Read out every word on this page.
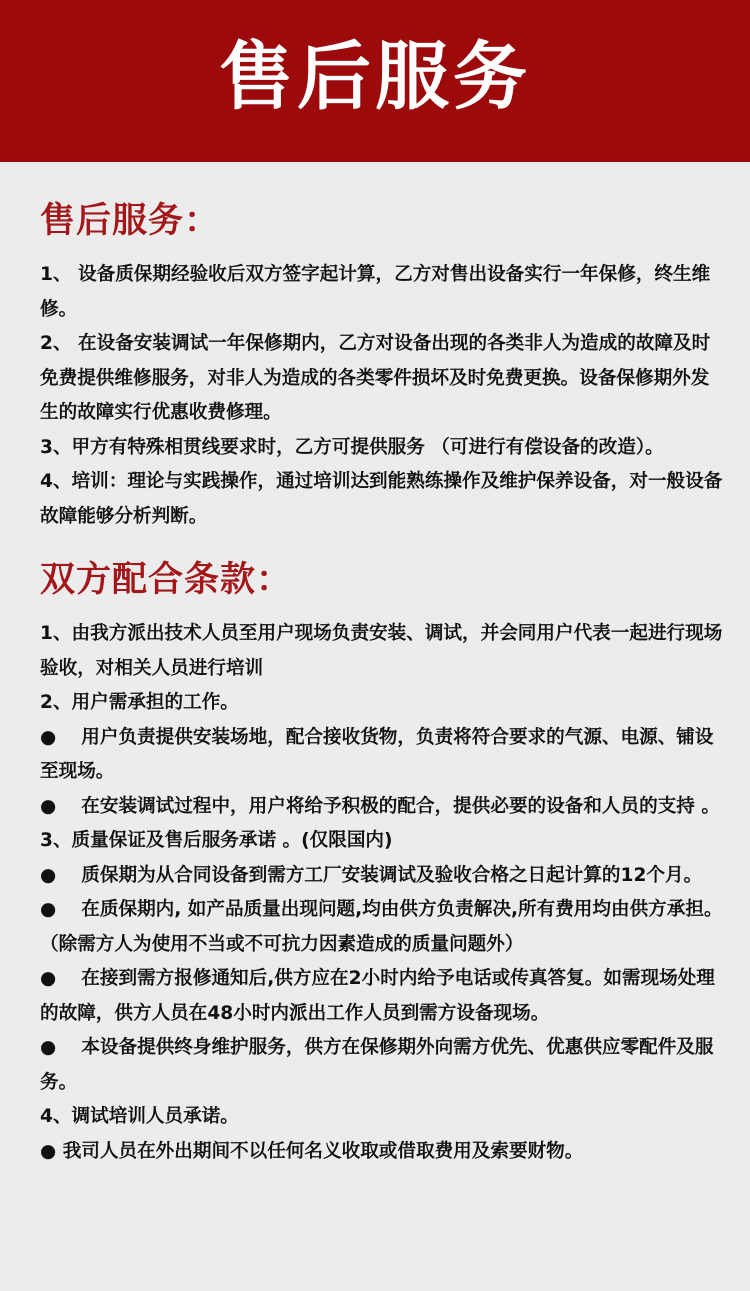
售后服务
售后服务：

1、 设备质保期经验收后双方签字起计算，乙方对售出设备实行一年保修，终生维修。

2、 在设备安装调试一年保修期内，乙方对设备出现的各类非人为造成的故障及时免费提供维修服务，对非人为造成的各类零件损坏及时免费更换。设备保修期外发生的故障实行优惠收费修理。

3、甲方有特殊相贯线要求时，乙方可提供服务 （可进行有偿设备的改造）。

4、培训：理论与实践操作，通过培训达到能熟练操作及维护保养设备，对一般设备故障能够分析判断。

双方配合条款：

1、由我方派出技术人员至用户现场负责安装、调试，并会同用户代表一起进行现场验收，对相关人员进行培训

2、用户需承担的工作。

●　 用户负责提供安装场地，配合接收货物，负责将符合要求的气源、电源、铺设至现场。

●　 在安装调试过程中，用户将给予积极的配合，提供必要的设备和人员的支持 。

3、质量保证及售后服务承诺 。(仅限国内)

●　 质保期为从合同设备到需方工厂安装调试及验收合格之日起计算的12个月。

●　 在质保期内, 如产品质量出现问题,均由供方负责解决,所有费用均由供方承担。 （除需方人为使用不当或不可抗力因素造成的质量问题外）

●　 在接到需方报修通知后,供方应在2小时内给予电话或传真答复。如需现场处理的故障，供方人员在48小时内派出工作人员到需方设备现场。

●　 本设备提供终身维护服务，供方在保修期外向需方优先、优惠供应零配件及服务。

4、调试培训人员承诺。

● 我司人员在外出期间不以任何名义收取或借取费用及索要财物。
